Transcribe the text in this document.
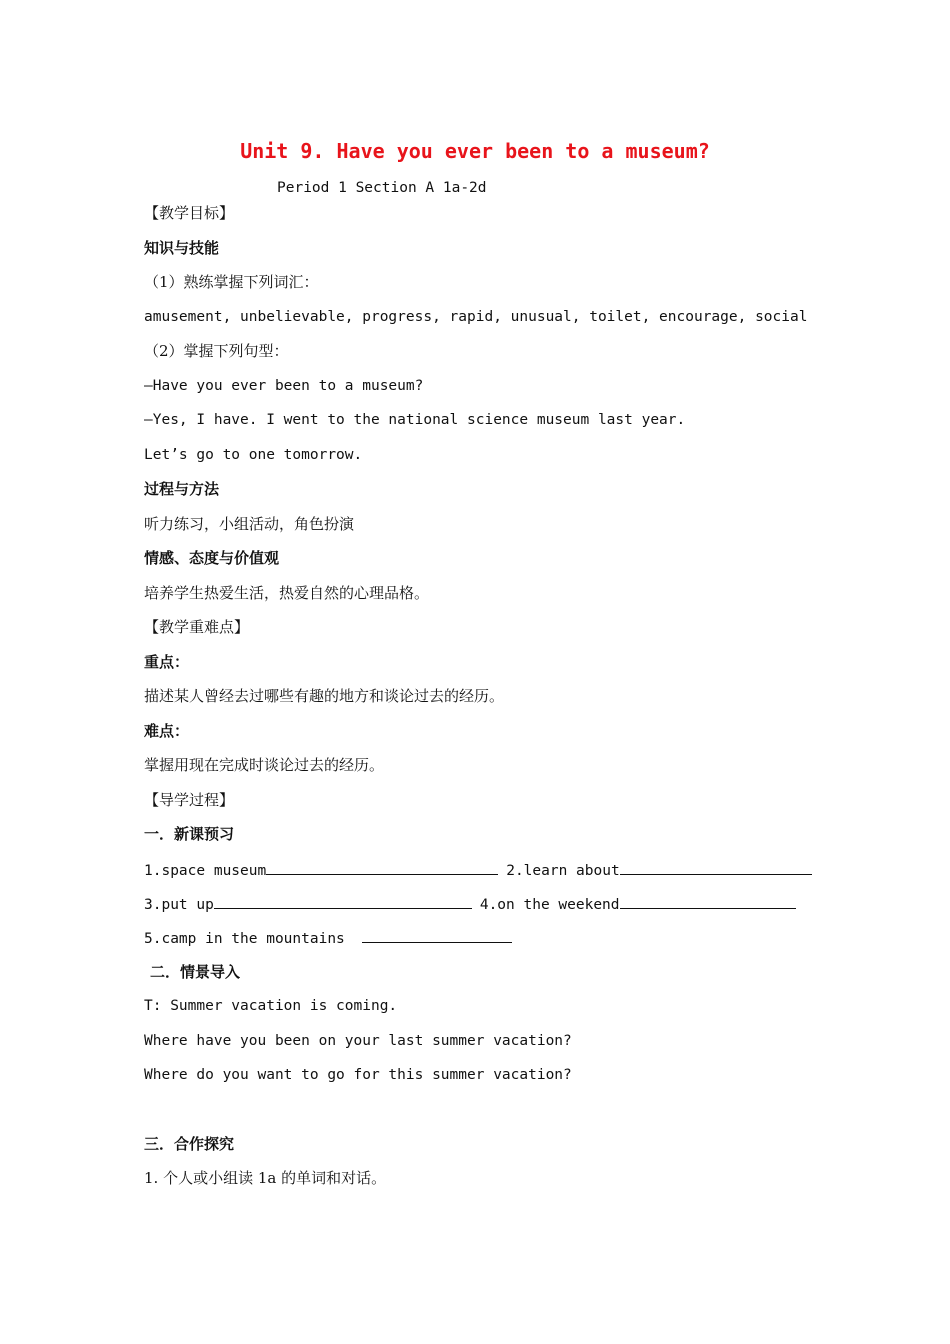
Unit 9. Have you ever been to a museum?
Period 1 Section A 1a-2d
【教学目标】
知识与技能
（1）熟练掌握下列词汇：
amusement, unbelievable, progress, rapid, unusual, toilet, encourage, social
（2）掌握下列句型：
—Have you ever been to a museum?
—Yes, I have. I went to the national science museum last year.
Let’s go to one tomorrow.
过程与方法
听力练习，小组活动，角色扮演
情感、态度与价值观
培养学生热爱生活，热爱自然的心理品格。
【教学重难点】
重点：
描述某人曾经去过哪些有趣的地方和谈论过去的经历。
难点：
掌握用现在完成时谈论过去的经历。
【导学过程】
一．新课预习
1.space museum	2.learn about
3.put up	4.on the weekend
5.camp in the mountains
二．情景导入
T: Summer vacation is coming.
Where have you been on your last summer vacation?
Where do you want to go for this summer vacation?
三．合作探究
1. 个人或小组读 1a 的单词和对话。
